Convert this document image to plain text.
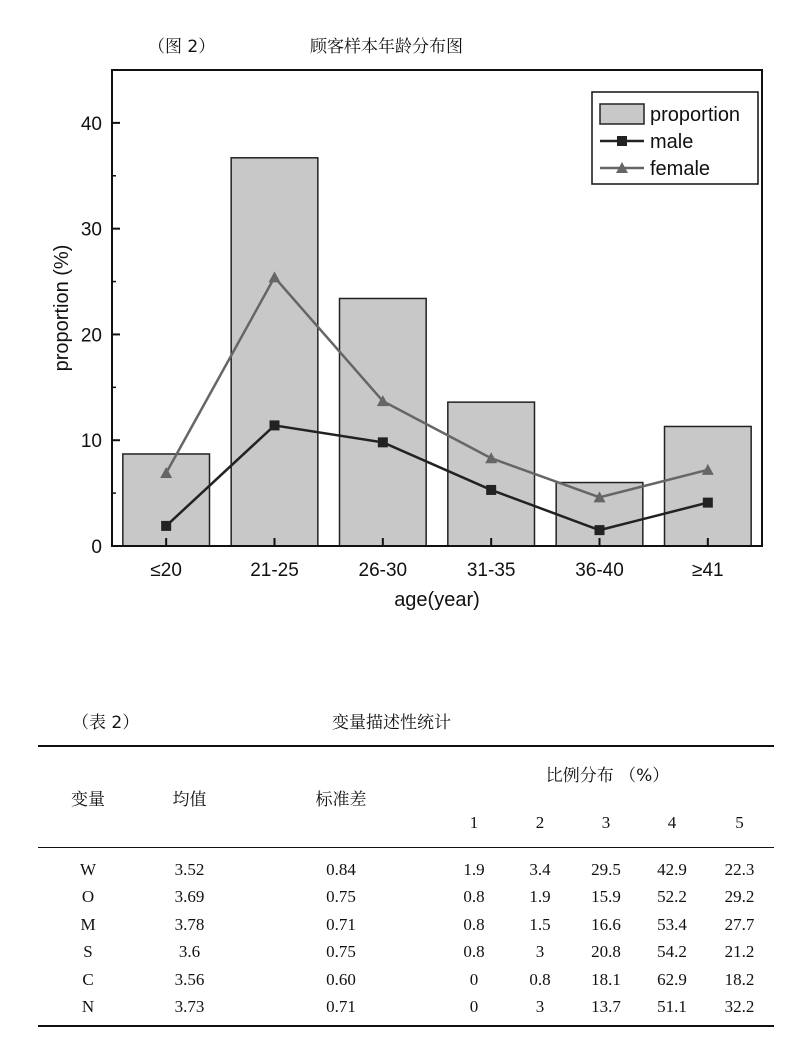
（图 2）	顾客样本年龄分布图
0
10
20
30
40
≤20	21-25	26-30	31-35	36-40	≥41
proportion
male
female
proportion (%)
age(year)
（表 2）	变量描述性统计
变量	均值	标准差	比例分布 （%）				
			1	2	3	4	5
W	3.52	0.84	1.9	3.4	29.5	42.9	22.3
O	3.69	0.75	0.8	1.9	15.9	52.2	29.2
M	3.78	0.71	0.8	1.5	16.6	53.4	27.7
S	3.6	0.75	0.8	3	20.8	54.2	21.2
C	3.56	0.60	0	0.8	18.1	62.9	18.2
N	3.73	0.71	0	3	13.7	51.1	32.2
